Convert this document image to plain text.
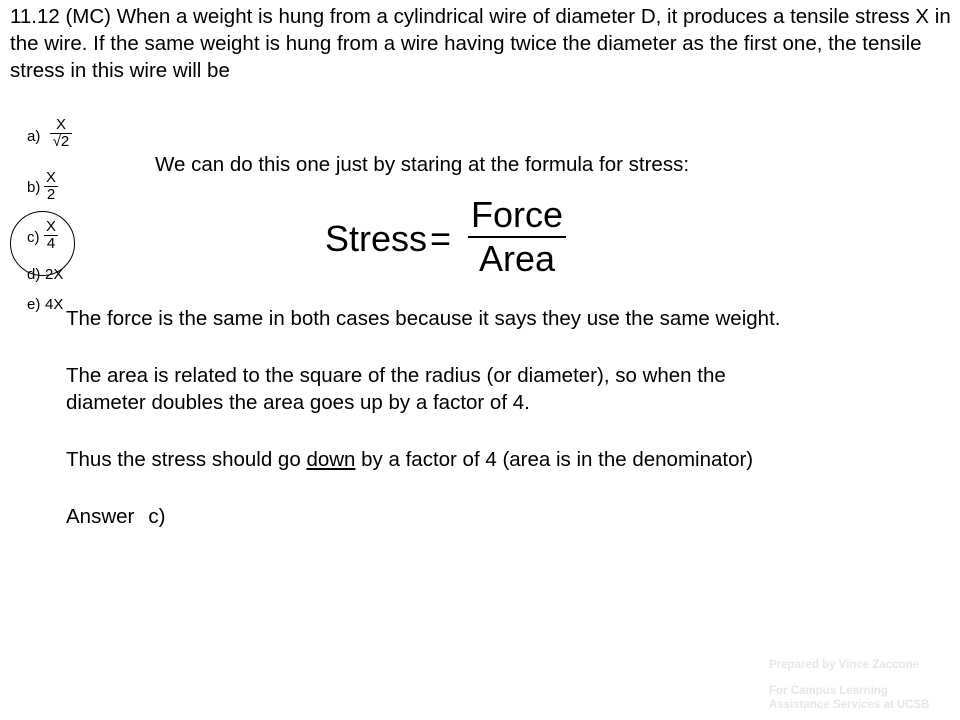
11.12 (MC) When a weight is hung from a cylindrical wire of diameter D, it produces a tensile stress X in the wire. If the same weight is hung from a wire having twice the diameter as the first one, the tensile stress in this wire will be
a)
X
√2
b)
X
2
c)
X
4
d) 2X
e) 4X
We can do this one just by staring at the formula for stress:
Stress =
Force
Area
The force is the same in both cases because it says they use the same weight.
The area is related to the square of the radius (or diameter), so when the
diameter doubles the area goes up by a factor of 4.
Thus the stress should go down by a factor of 4 (area is in the denominator)
Answer c)
Prepared by Vince Zaccone
For Campus Learning
Assistance Services at UCSB
